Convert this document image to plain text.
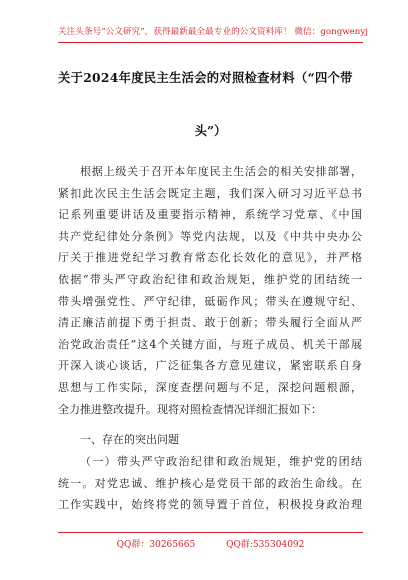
关注头条号“公文研究”，获得最新最全最专业的公文资料库！ 微信：gongwenyj
关于2024年度民主生活会的对照检查材料（“四个带
头”）
根据上级关于召开本年度民主生活会的相关安排部署，
紧扣此次民主生活会既定主题，我们深入研习习近平总书
记系列重要讲话及重要指示精神，系统学习党章、《中国
共产党纪律处分条例》等党内法规，以及《中共中央办公
厅关于推进党纪学习教育常态化长效化的意见》，并严格
依据“带头严守政治纪律和政治规矩，维护党的团结统一
带头增强党性、严守纪律，砥砺作风；带头在遵规守纪、
清正廉洁前提下勇于担责、敢于创新；带头履行全面从严
治党政治责任”这4个关键方面，与班子成员、机关干部展
开深入谈心谈话，广泛征集各方意见建议，紧密联系自身
思想与工作实际，深度查摆问题与不足，深挖问题根源，
全力推进整改提升。现将对照检查情况详细汇报如下：
一、存在的突出问题
（一）带头严守政治纪律和政治规矩，维护党的团结
统一。对党忠诚、维护核心是党员干部的政治生命线。在
工作实践中，始终将党的领导置于首位，积极投身政治理
QQ群：30265665	QQ群:535304092
